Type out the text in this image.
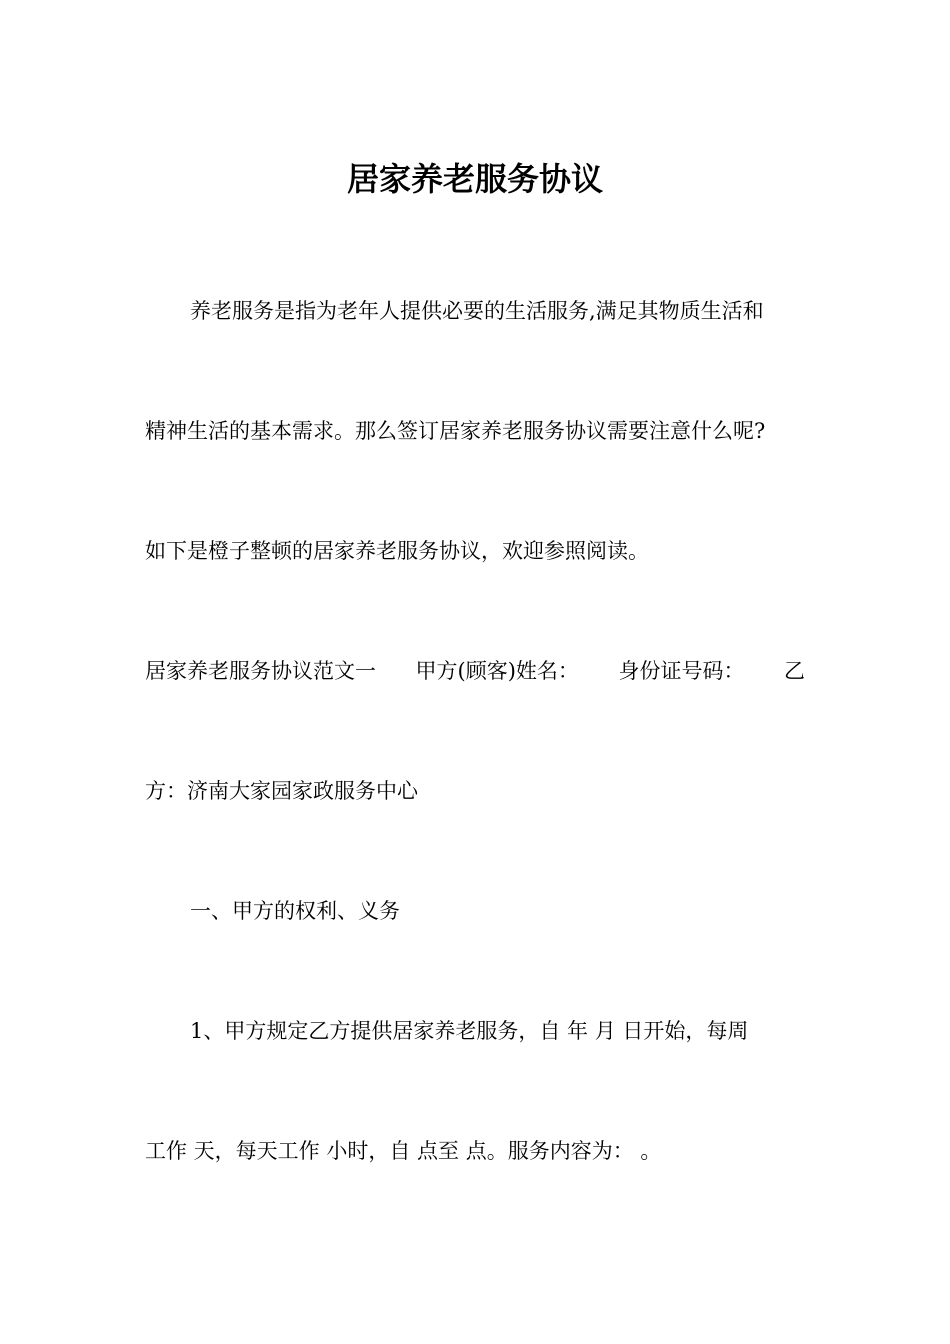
居家养老服务协议
养老服务是指为老年人提供必要的生活服务,满足其物质生活和
精神生活的基本需求。那么签订居家养老服务协议需要注意什么呢?
如下是橙子整顿的居家养老服务协议，欢迎参照阅读。
居家养老服务协议范文一 甲方(顾客)姓名： 身份证号码： 乙
方：济南大家园家政服务中心
一、甲方的权利、义务
1、甲方规定乙方提供居家养老服务，自 年 月 日开始，每周
工作 天，每天工作 小时，自 点至 点。服务内容为： 。
